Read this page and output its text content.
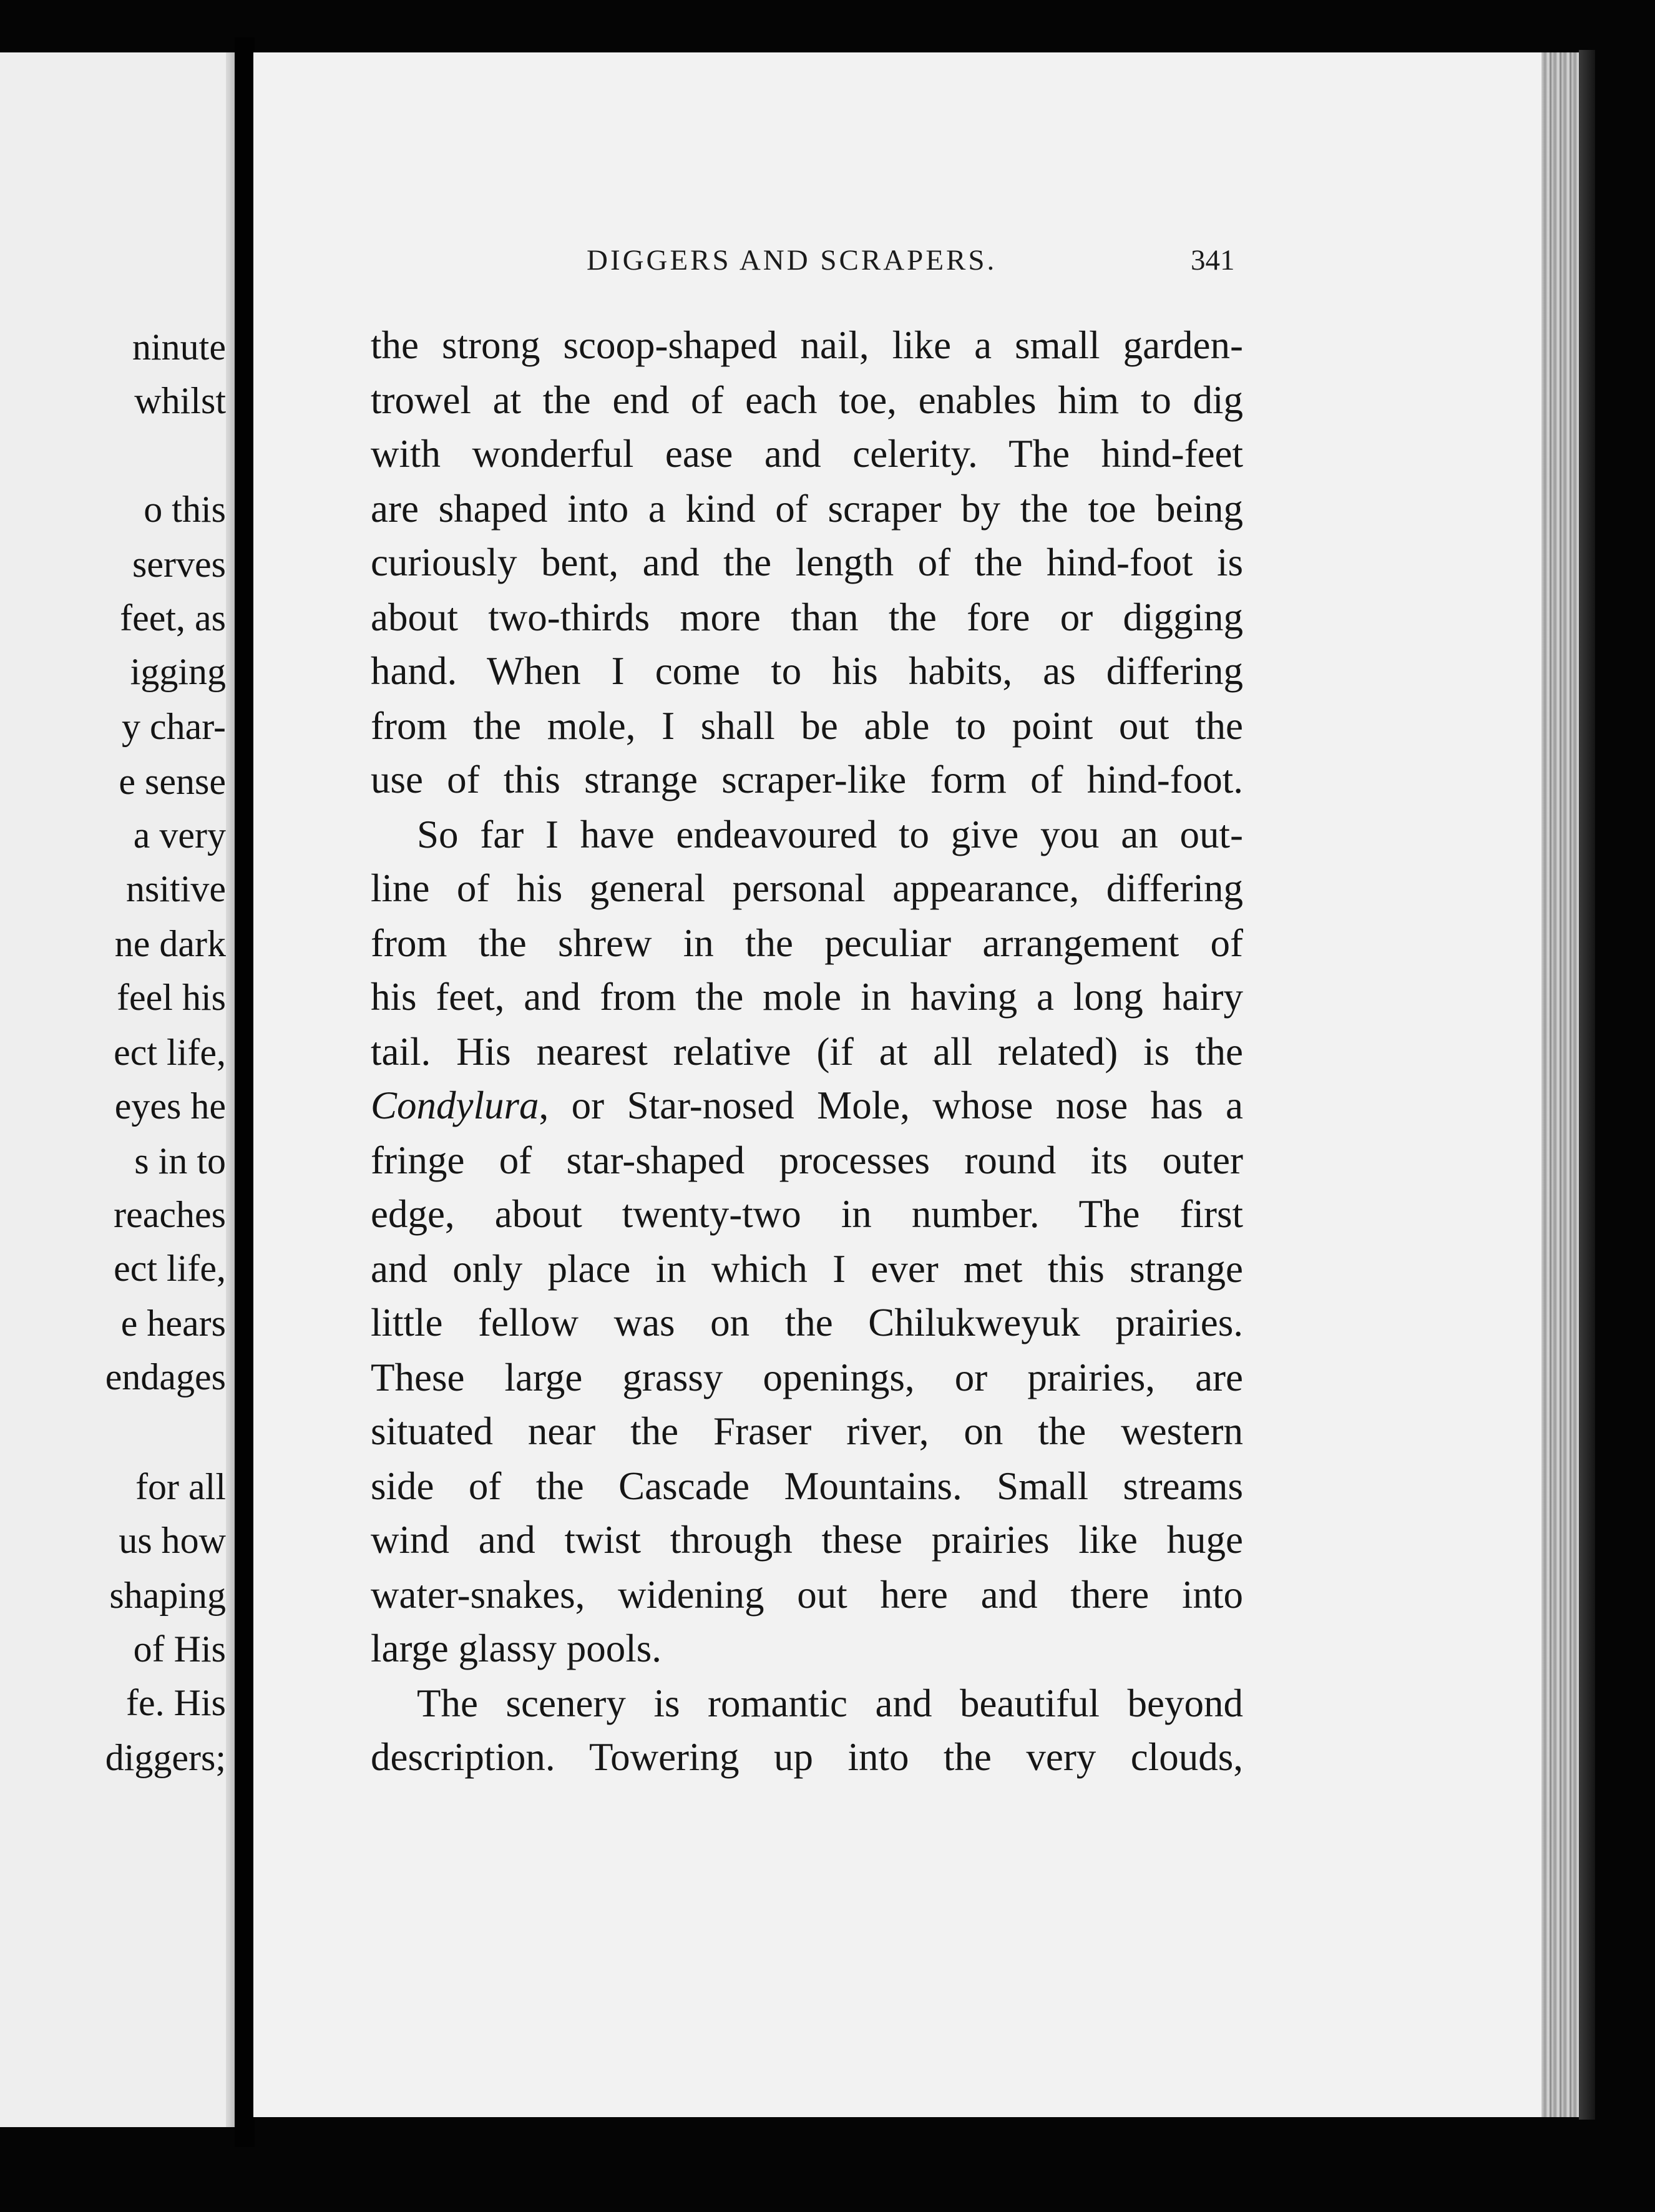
ninute
whilst
o this
serves
feet, as
igging
y char-
e sense
a very
nsitive
ne dark
feel his
ect life,
eyes he
s in to
reaches
ect life,
e hears
endages
for all
us how
shaping
of His
fe. His
diggers;
DIGGERS AND SCRAPERS.	341
the strong scoop-shaped nail, like a small garden-
trowel at the end of each toe, enables him to dig
with wonderful ease and celerity. The hind-feet
are shaped into a kind of scraper by the toe being
curiously bent, and the length of the hind-foot is
about two-thirds more than the fore or digging
hand. When I come to his habits, as differing
from the mole, I shall be able to point out the
use of this strange scraper-like form of hind-foot.
So far I have endeavoured to give you an out-
line of his general personal appearance, differing
from the shrew in the peculiar arrangement of
his feet, and from the mole in having a long hairy
tail. His nearest relative (if at all related) is the
Condylura, or Star-nosed Mole, whose nose has a
fringe of star-shaped processes round its outer
edge, about twenty-two in number. The first
and only place in which I ever met this strange
little fellow was on the Chilukweyuk prairies.
These large grassy openings, or prairies, are
situated near the Fraser river, on the western
side of the Cascade Mountains. Small streams
wind and twist through these prairies like huge
water-snakes, widening out here and there into
large glassy pools.
The scenery is romantic and beautiful beyond
description. Towering up into the very clouds,
